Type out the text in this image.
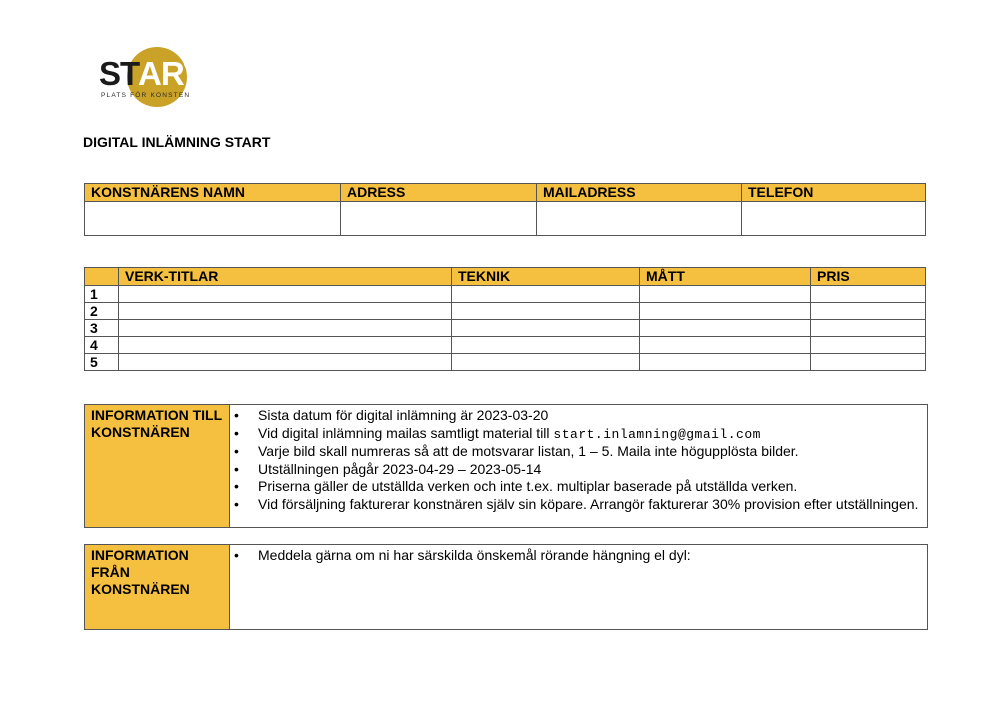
ST
ART
PLATS FÖR KONSTEN
DIGITAL INLÄMNING START
KONSTNÄRENS NAMN	ADRESS	MAILADRESS	TELEFON

	VERK-TITLAR	TEKNIK	MÅTT	PRIS
1				
2				
3				
4				
5				
INFORMATION TILL KONSTNÄREN
• Sista datum för digital inlämning är 2023-03-20
• Vid digital inlämning mailas samtligt material till start.inlamning@gmail.com
• Varje bild skall numreras så att de motsvarar listan, 1 – 5. Maila inte högupplösta bilder.
• Utställningen pågår 2023-04-29 – 2023-05-14
• Priserna gäller de utställda verken och inte t.ex. multiplar baserade på utställda verken.
• Vid försäljning fakturerar konstnären själv sin köpare. Arrangör fakturerar 30% provision efter utställningen.
INFORMATION FRÅN KONSTNÄREN
• Meddela gärna om ni har särskilda önskemål rörande hängning el dyl:
